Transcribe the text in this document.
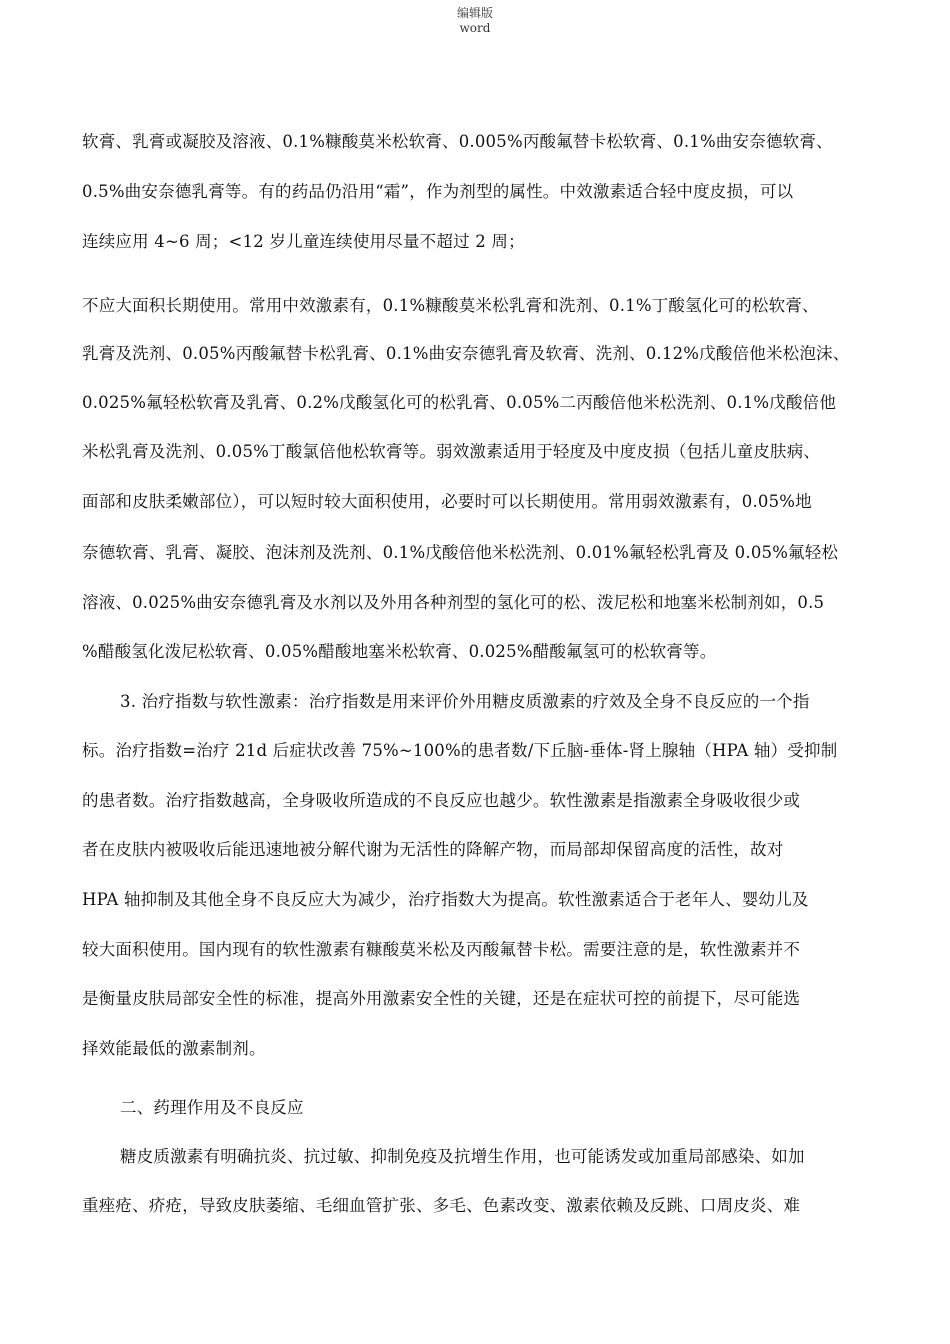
编辑版
word
软膏、乳膏或凝胶及溶液、0.1%糠酸莫米松软膏、0.005%丙酸氟替卡松软膏、0.1%曲安奈德软膏、
0.5%曲安奈德乳膏等。有的药品仍沿用“霜”，作为剂型的属性。中效激素适合轻中度皮损，可以
连续应用 4~6 周；<12 岁儿童连续使用尽量不超过 2 周；
不应大面积长期使用。常用中效激素有，0.1%糠酸莫米松乳膏和洗剂、0.1%丁酸氢化可的松软膏、
乳膏及洗剂、0.05%丙酸氟替卡松乳膏、0.1%曲安奈德乳膏及软膏、洗剂、0.12%戊酸倍他米松泡沫、
0.025%氟轻松软膏及乳膏、0.2%戊酸氢化可的松乳膏、0.05%二丙酸倍他米松洗剂、0.1%戊酸倍他
米松乳膏及洗剂、0.05%丁酸氯倍他松软膏等。弱效激素适用于轻度及中度皮损（包括儿童皮肤病、
面部和皮肤柔嫩部位），可以短时较大面积使用，必要时可以长期使用。常用弱效激素有，0.05%地
奈德软膏、乳膏、凝胶、泡沫剂及洗剂、0.1%戊酸倍他米松洗剂、0.01%氟轻松乳膏及 0.05%氟轻松
溶液、0.025%曲安奈德乳膏及水剂以及外用各种剂型的氢化可的松、泼尼松和地塞米松制剂如，0.5
%醋酸氢化泼尼松软膏、0.05%醋酸地塞米松软膏、0.025%醋酸氟氢可的松软膏等。
3. 治疗指数与软性激素：治疗指数是用来评价外用糖皮质激素的疗效及全身不良反应的一个指
标。治疗指数=治疗 21d 后症状改善 75%~100%的患者数/下丘脑-垂体-肾上腺轴（HPA 轴）受抑制
的患者数。治疗指数越高，全身吸收所造成的不良反应也越少。软性激素是指激素全身吸收很少或
者在皮肤内被吸收后能迅速地被分解代谢为无活性的降解产物，而局部却保留高度的活性，故对
HPA 轴抑制及其他全身不良反应大为减少，治疗指数大为提高。软性激素适合于老年人、婴幼儿及
较大面积使用。国内现有的软性激素有糠酸莫米松及丙酸氟替卡松。需要注意的是，软性激素并不
是衡量皮肤局部安全性的标准，提高外用激素安全性的关键，还是在症状可控的前提下，尽可能选
择效能最低的激素制剂。
二、药理作用及不良反应
糖皮质激素有明确抗炎、抗过敏、抑制免疫及抗增生作用，也可能诱发或加重局部感染、如加
重痤疮、疥疮，导致皮肤萎缩、毛细血管扩张、多毛、色素改变、激素依赖及反跳、口周皮炎、难
